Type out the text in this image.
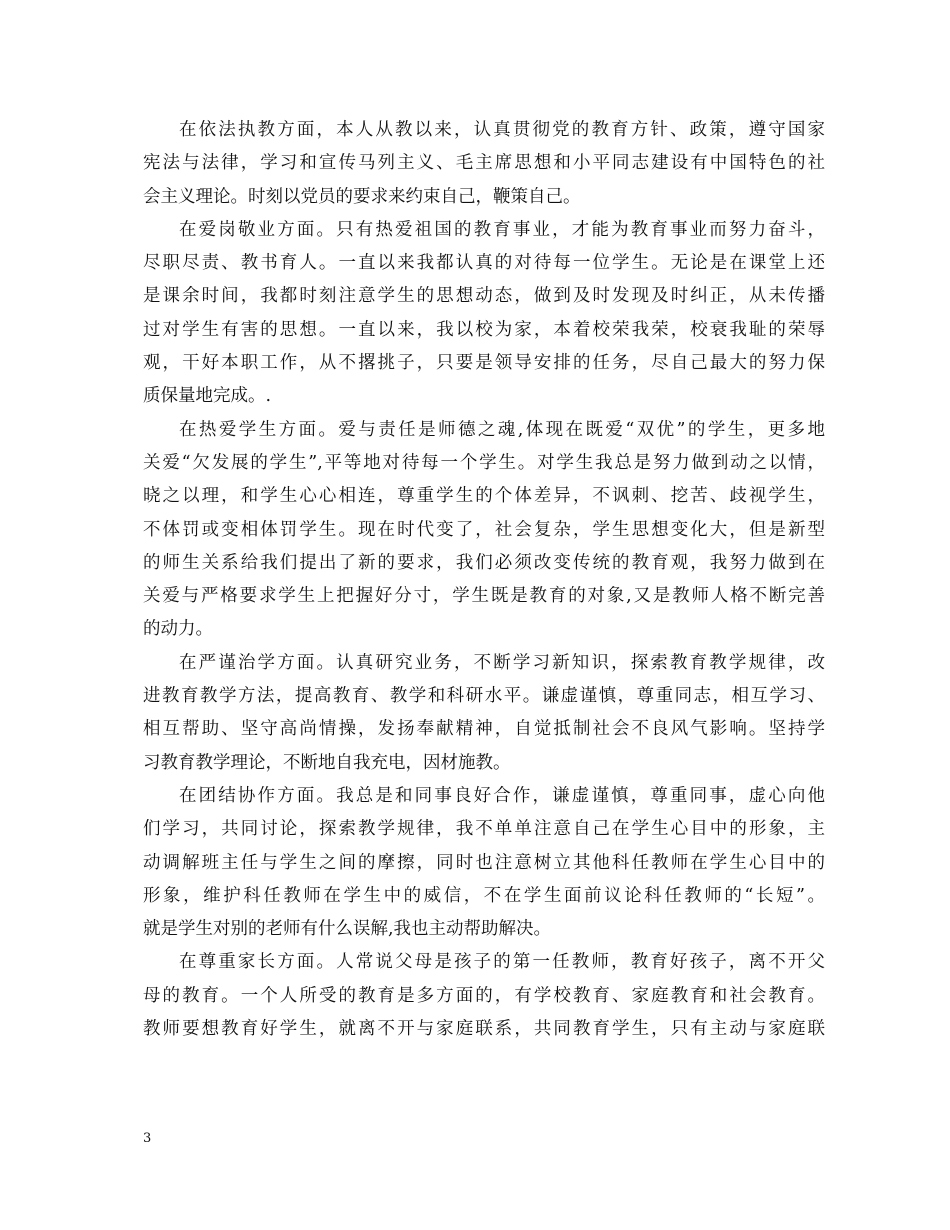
在依法执教方面，本人从教以来，认真贯彻党的教育方针、政策，遵守国家
宪法与法律，学习和宣传马列主义、毛主席思想和小平同志建设有中国特色的社
会主义理论。时刻以党员的要求来约束自己，鞭策自己。
在爱岗敬业方面。只有热爱祖国的教育事业，才能为教育事业而努力奋斗，
尽职尽责、教书育人。一直以来我都认真的对待每一位学生。无论是在课堂上还
是课余时间，我都时刻注意学生的思想动态，做到及时发现及时纠正，从未传播
过对学生有害的思想。一直以来，我以校为家，本着校荣我荣，校衰我耻的荣辱
观，干好本职工作，从不撂挑子，只要是领导安排的任务，尽自己最大的努力保
质保量地完成。.
在热爱学生方面。爱与责任是师德之魂,体现在既爱“双优”的学生，更多地
关爱“欠发展的学生”,平等地对待每一个学生。对学生我总是努力做到动之以情，
晓之以理，和学生心心相连，尊重学生的个体差异，不讽刺、挖苦、歧视学生，
不体罚或变相体罚学生。现在时代变了，社会复杂，学生思想变化大，但是新型
的师生关系给我们提出了新的要求，我们必须改变传统的教育观，我努力做到在
关爱与严格要求学生上把握好分寸，学生既是教育的对象,又是教师人格不断完善
的动力。
在严谨治学方面。认真研究业务，不断学习新知识，探索教育教学规律，改
进教育教学方法，提高教育、教学和科研水平。谦虚谨慎，尊重同志，相互学习、
相互帮助、坚守高尚情操，发扬奉献精神，自觉抵制社会不良风气影响。坚持学
习教育教学理论，不断地自我充电，因材施教。
在团结协作方面。我总是和同事良好合作，谦虚谨慎，尊重同事，虚心向他
们学习，共同讨论，探索教学规律，我不单单注意自己在学生心目中的形象，主
动调解班主任与学生之间的摩擦，同时也注意树立其他科任教师在学生心目中的
形象，维护科任教师在学生中的威信，不在学生面前议论科任教师的“长短”。
就是学生对别的老师有什么误解,我也主动帮助解决。
在尊重家长方面。人常说父母是孩子的第一任教师，教育好孩子，离不开父
母的教育。一个人所受的教育是多方面的，有学校教育、家庭教育和社会教育。
教师要想教育好学生，就离不开与家庭联系，共同教育学生，只有主动与家庭联
3
